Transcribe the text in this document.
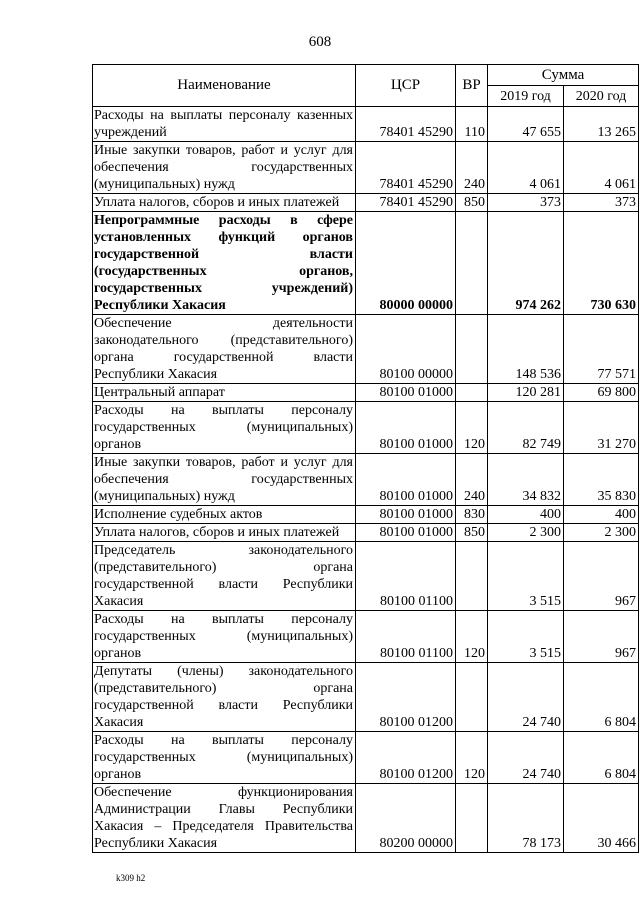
608
Наименование	ЦСР	ВР	Сумма	
			2019 год	2020 год
Расходы на выплаты персоналу казенных учреждений	78401 45290	110	47 655	13 265
Иные закупки товаров, работ и услуг для обеспечения государственных (муниципальных) нужд	78401 45290	240	4 061	4 061
Уплата налогов, сборов и иных платежей	78401 45290	850	373	373
Непрограммные расходы в сфере установленных функций органов государственной власти (государственных органов, государственных учреждений) Республики Хакасия	80000 00000		974 262	730 630
Обеспечение деятельности законодательного (представительного) органа государственной власти Республики Хакасия	80100 00000		148 536	77 571
Центральный аппарат	80100 01000		120 281	69 800
Расходы на выплаты персоналу государственных (муниципальных) органов	80100 01000	120	82 749	31 270
Иные закупки товаров, работ и услуг для обеспечения государственных (муниципальных) нужд	80100 01000	240	34 832	35 830
Исполнение судебных актов	80100 01000	830	400	400
Уплата налогов, сборов и иных платежей	80100 01000	850	2 300	2 300
Председатель законодательного (представительного) органа государственной власти Республики Хакасия	80100 01100		3 515	967
Расходы на выплаты персоналу государственных (муниципальных) органов	80100 01100	120	3 515	967
Депутаты (члены) законодательного (представительного) органа государственной власти Республики Хакасия	80100 01200		24 740	6 804
Расходы на выплаты персоналу государственных (муниципальных) органов	80100 01200	120	24 740	6 804
Обеспечение функционирования Администрации Главы Республики Хакасия – Председателя Правительства Республики Хакасия	80200 00000		78 173	30 466
k309 h2
